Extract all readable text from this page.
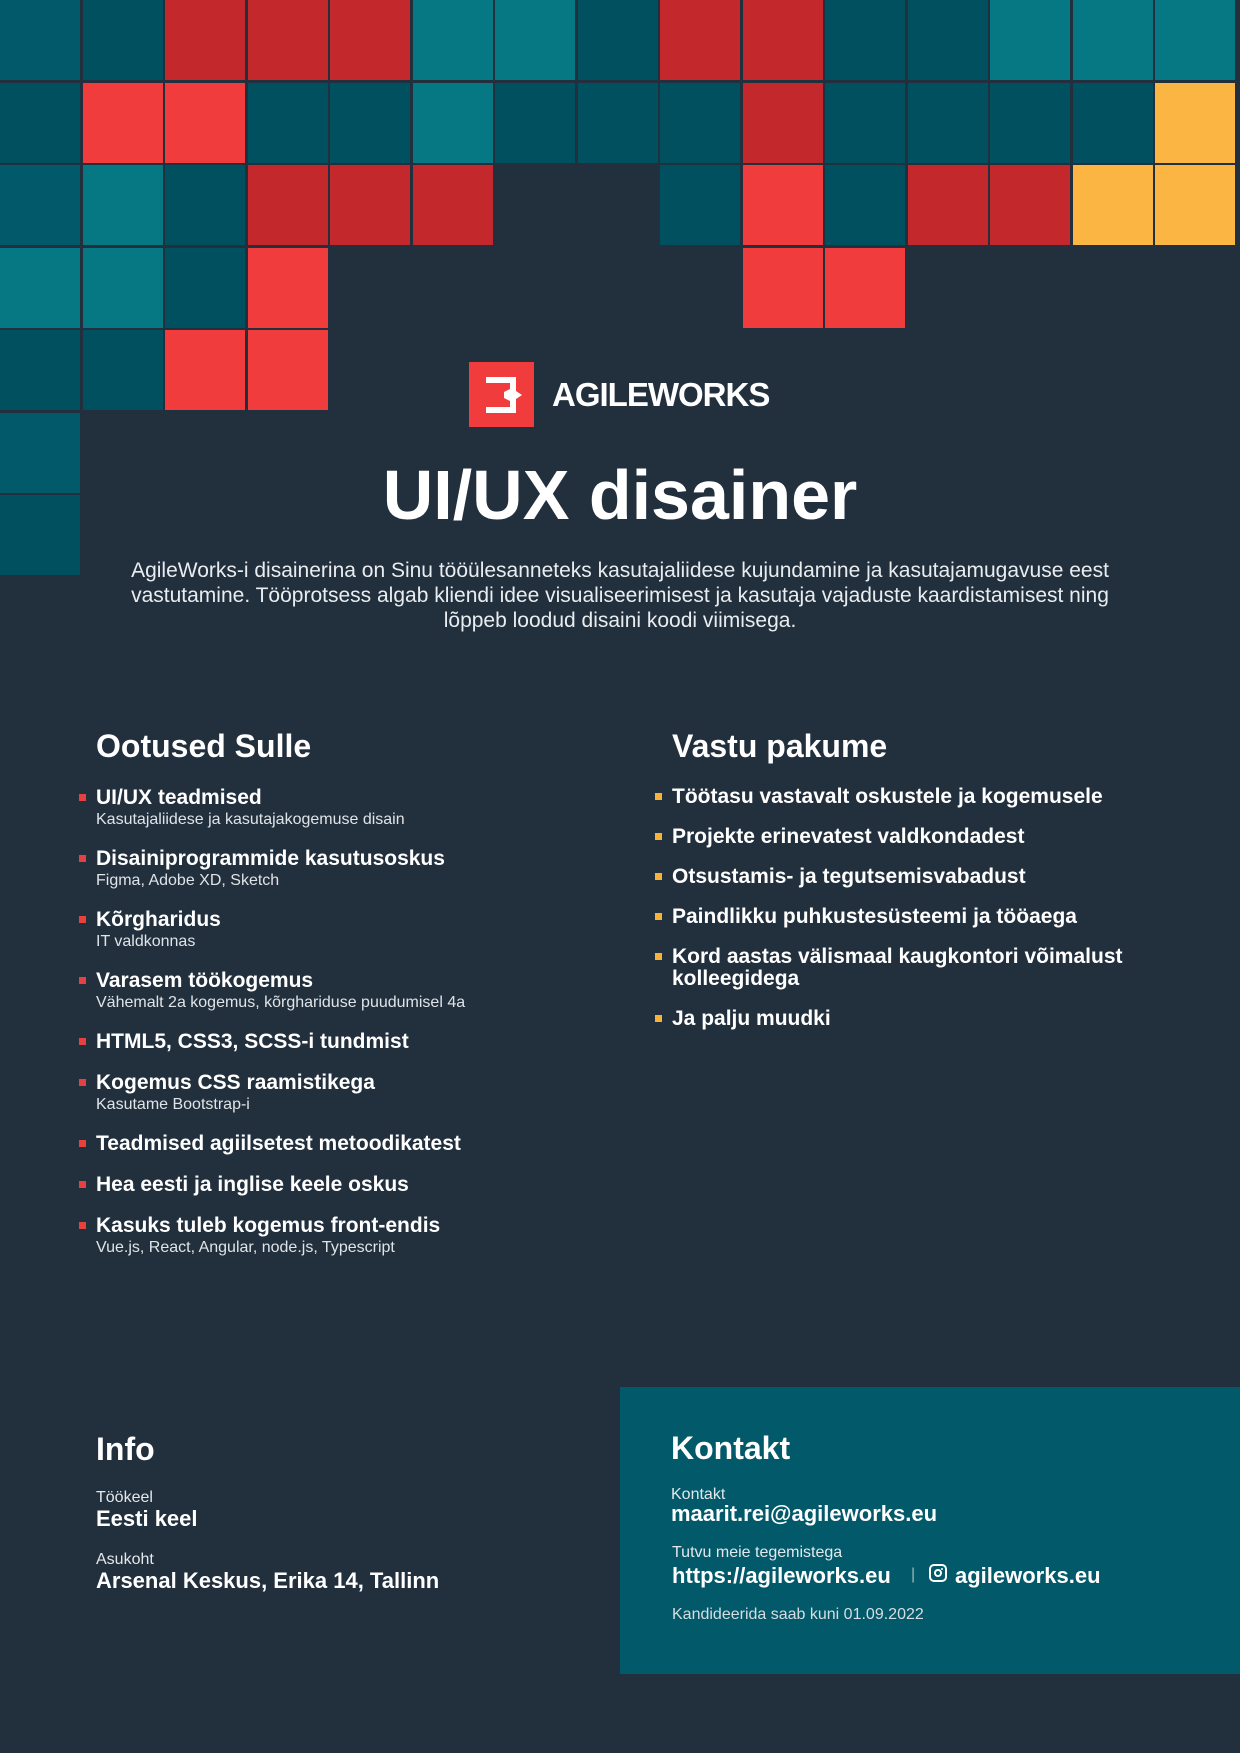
AGILEWORKS
UI/UX disainer

AgileWorks-i disainerina on Sinu tööülesanneteks kasutajaliidese kujundamine ja kasutajamugavuse eest vastutamine. Tööprotsess algab kliendi idee visualiseerimisest ja kasutaja vajaduste kaardistamisest ning lõppeb loodud disaini koodi viimisega.

Ootused Sulle
UI/UX teadmised
Kasutajaliidese ja kasutajakogemuse disain
Disainiprogrammide kasutusoskus
Figma, Adobe XD, Sketch
Kõrgharidus
IT valdkonnas
Varasem töökogemus
Vähemalt 2a kogemus, kõrghariduse puudumisel 4a
HTML5, CSS3, SCSS-i tundmist
Kogemus CSS raamistikega
Kasutame Bootstrap-i
Teadmised agiilsetest metoodikatest
Hea eesti ja inglise keele oskus
Kasuks tuleb kogemus front-endis
Vue.js, React, Angular, node.js, Typescript
Vastu pakume
Töötasu vastavalt oskustele ja kogemusele
Projekte erinevatest valdkondadest
Otsustamis- ja tegutsemisvabadust
Paindlikku puhkustesüsteemi ja tööaega
Kord aastas välismaal kaugkontori võimalust kolleegidega
Ja palju muudki
Info
Töökeel
Eesti keel
Asukoht
Arsenal Keskus, Erika 14, Tallinn
Kontakt
Kontakt
maarit.rei@agileworks.eu
Tutvu meie tegemistega
https://agileworks.eu | agileworks.eu
Kandideerida saab kuni 01.09.2022
